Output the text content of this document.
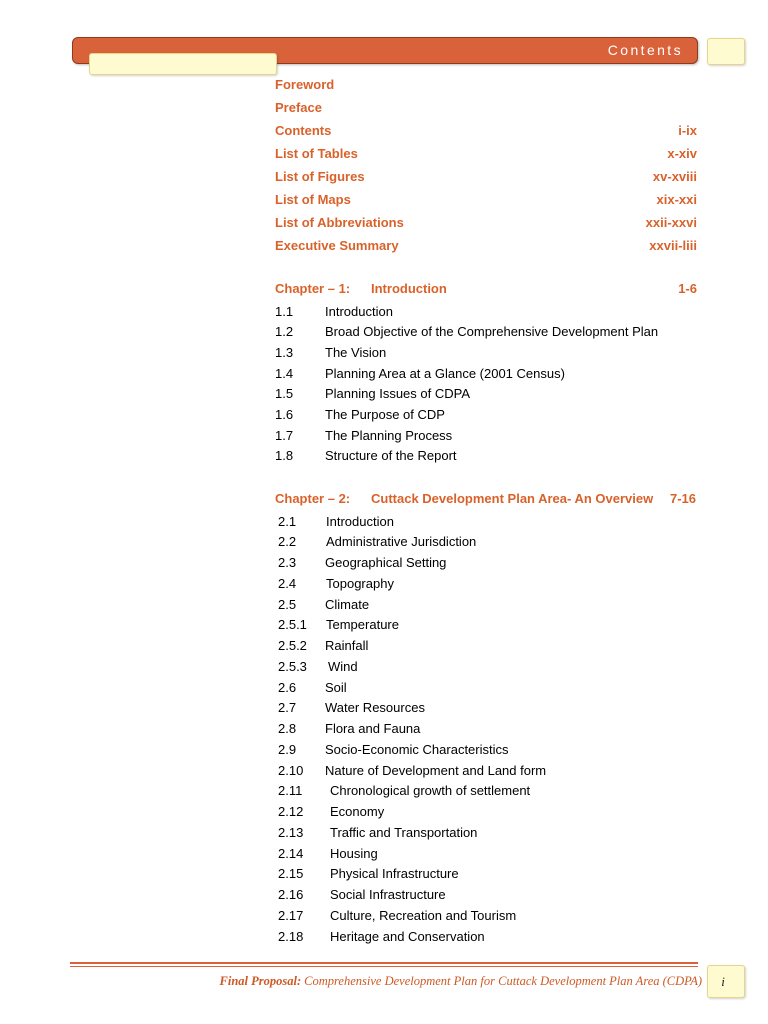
Contents
Foreword
Preface
Contents	i-ix
List of Tables	x-xiv
List of Figures	xv-xviii
List of Maps	xix-xxi
List of Abbreviations	xxii-xxvi
Executive Summary	xxvii-liii
Chapter – 1: Introduction	1-6
1.1 Introduction
1.2 Broad Objective of the Comprehensive Development Plan
1.3 The Vision
1.4 Planning Area at a Glance (2001 Census)
1.5 Planning Issues of CDPA
1.6 The Purpose of CDP
1.7 The Planning Process
1.8 Structure of the Report
Chapter – 2: Cuttack Development Plan Area- An Overview 7-16
2.1 Introduction
2.2 Administrative Jurisdiction
2.3 Geographical Setting
2.4 Topography
2.5 Climate
2.5.1 Temperature
2.5.2 Rainfall
2.5.3 Wind
2.6 Soil
2.7 Water Resources
2.8 Flora and Fauna
2.9 Socio-Economic Characteristics
2.10 Nature of Development and Land form
2.11 Chronological growth of settlement
2.12 Economy
2.13 Traffic and Transportation
2.14 Housing
2.15 Physical Infrastructure
2.16 Social Infrastructure
2.17 Culture, Recreation and Tourism
2.18 Heritage and Conservation
Final Proposal: Comprehensive Development Plan for Cuttack Development Plan Area (CDPA)	i
